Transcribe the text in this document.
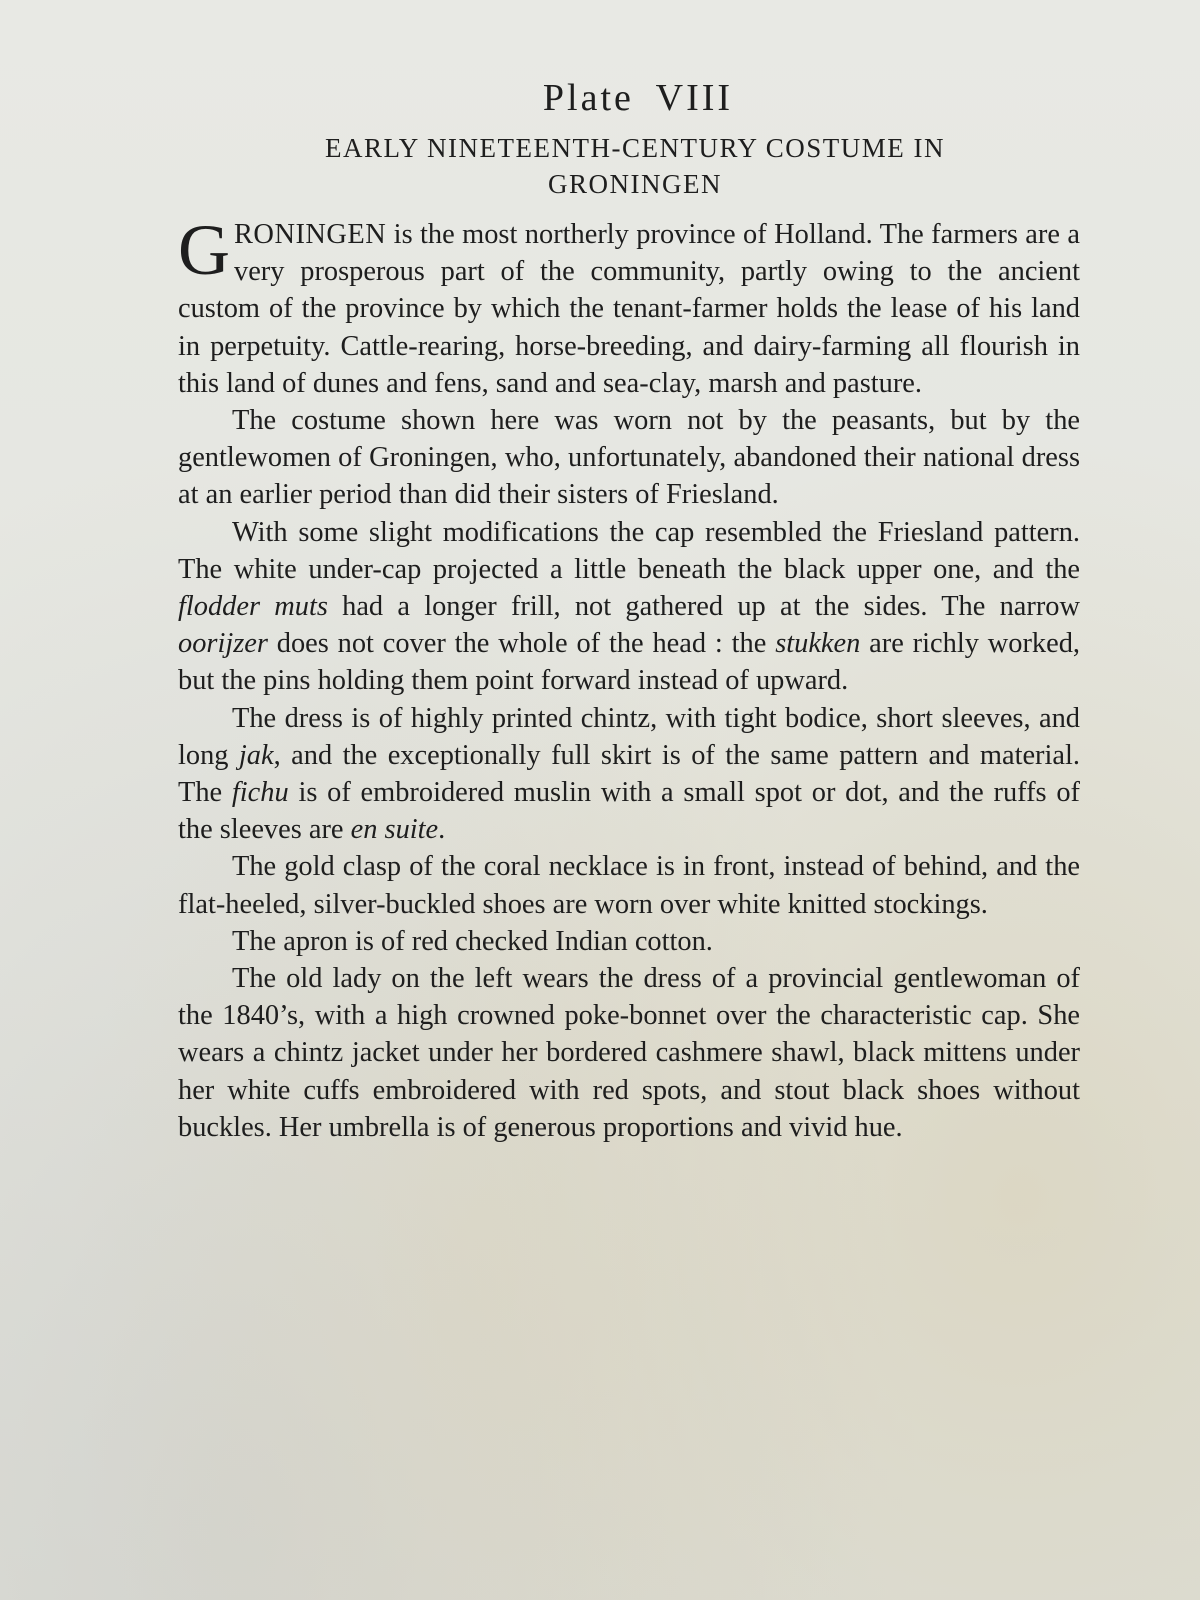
Plate VIII
EARLY NINETEENTH-CENTURY COSTUME IN GRONINGEN

GRONINGEN is the most northerly province of Holland. The farmers are a very prosperous part of the community, partly owing to the ancient custom of the province by which the tenant-farmer holds the lease of his land in perpetuity. Cattle-rearing, horse-breeding, and dairy-farming all flourish in this land of dunes and fens, sand and sea-clay, marsh and pasture.

The costume shown here was worn not by the peasants, but by the gentlewomen of Groningen, who, unfortunately, abandoned their national dress at an earlier period than did their sisters of Friesland.

With some slight modifications the cap resembled the Friesland pattern. The white under-cap projected a little beneath the black upper one, and the flodder muts had a longer frill, not gathered up at the sides. The narrow oorijzer does not cover the whole of the head : the stukken are richly worked, but the pins holding them point forward instead of upward.

The dress is of highly printed chintz, with tight bodice, short sleeves, and long jak, and the exceptionally full skirt is of the same pattern and material. The fichu is of embroidered muslin with a small spot or dot, and the ruffs of the sleeves are en suite.

The gold clasp of the coral necklace is in front, instead of behind, and the flat-heeled, silver-buckled shoes are worn over white knitted stockings.

The apron is of red checked Indian cotton.

The old lady on the left wears the dress of a provincial gentlewoman of the 1840’s, with a high crowned poke-bonnet over the characteristic cap. She wears a chintz jacket under her bordered cashmere shawl, black mittens under her white cuffs embroidered with red spots, and stout black shoes without buckles. Her umbrella is of generous proportions and vivid hue.
